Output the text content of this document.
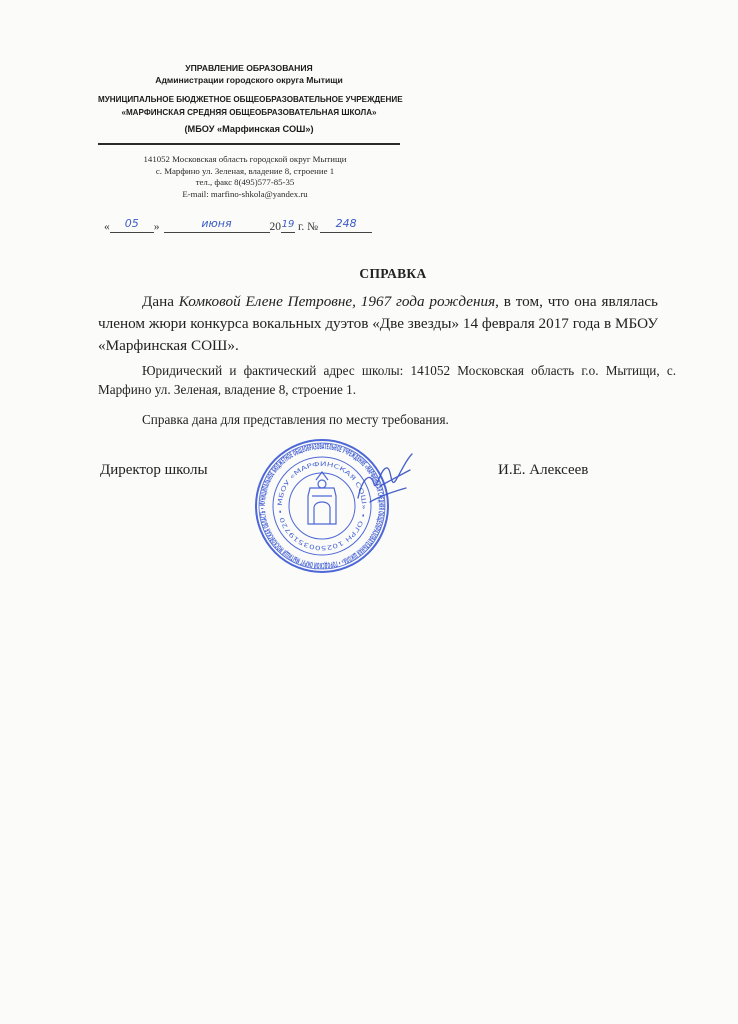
УПРАВЛЕНИЕ ОБРАЗОВАНИЯ
Администрации городского округа Мытищи
МУНИЦИПАЛЬНОЕ БЮДЖЕТНОЕ ОБЩЕОБРАЗОВАТЕЛЬНОЕ УЧРЕЖДЕНИЕ
«МАРФИНСКАЯ СРЕДНЯЯ ОБЩЕОБРАЗОВАТЕЛЬНАЯ ШКОЛА»
(МБОУ «Марфинская СОШ»)
141052 Московская область городской округ Мытищи
с. Марфино ул. Зеленая, владение 8, строение 1
тел., факс 8(495)577-85-35
E-mail: marfino-shkola@yandex.ru
« 05 »	июня	2019 г. № 248
СПРАВКА
Дана Комковой Елене Петровне, 1967 года рождения, в том, что она являлась членом жюри конкурса вокальных дуэтов «Две звезды» 14 февраля 2017 года в МБОУ «Марфинская СОШ».
Юридический и фактический адрес школы: 141052 Московская область г.о. Мытищи, с. Марфино ул. Зеленая, владение 8, строение 1.
Справка дана для представления по месту требования.
Директор школы	И.Е. Алексеев
МУНИЦИПАЛЬНОЕ БЮДЖЕТНОЕ ОБЩЕОБРАЗОВАТЕЛЬНОЕ УЧРЕЖДЕНИЕ «МАРФИНСКАЯ СРЕДНЯЯ ОБЩЕОБРАЗОВАТЕЛЬНАЯ ШКОЛА» • ГОРОДСКОЙ ОКРУГ МЫТИЩИ МОСКОВСКАЯ ОБЛАСТЬ •
МБОУ «МАРФИНСКАЯ СОШ» • ОГРН 1025003519720 •
